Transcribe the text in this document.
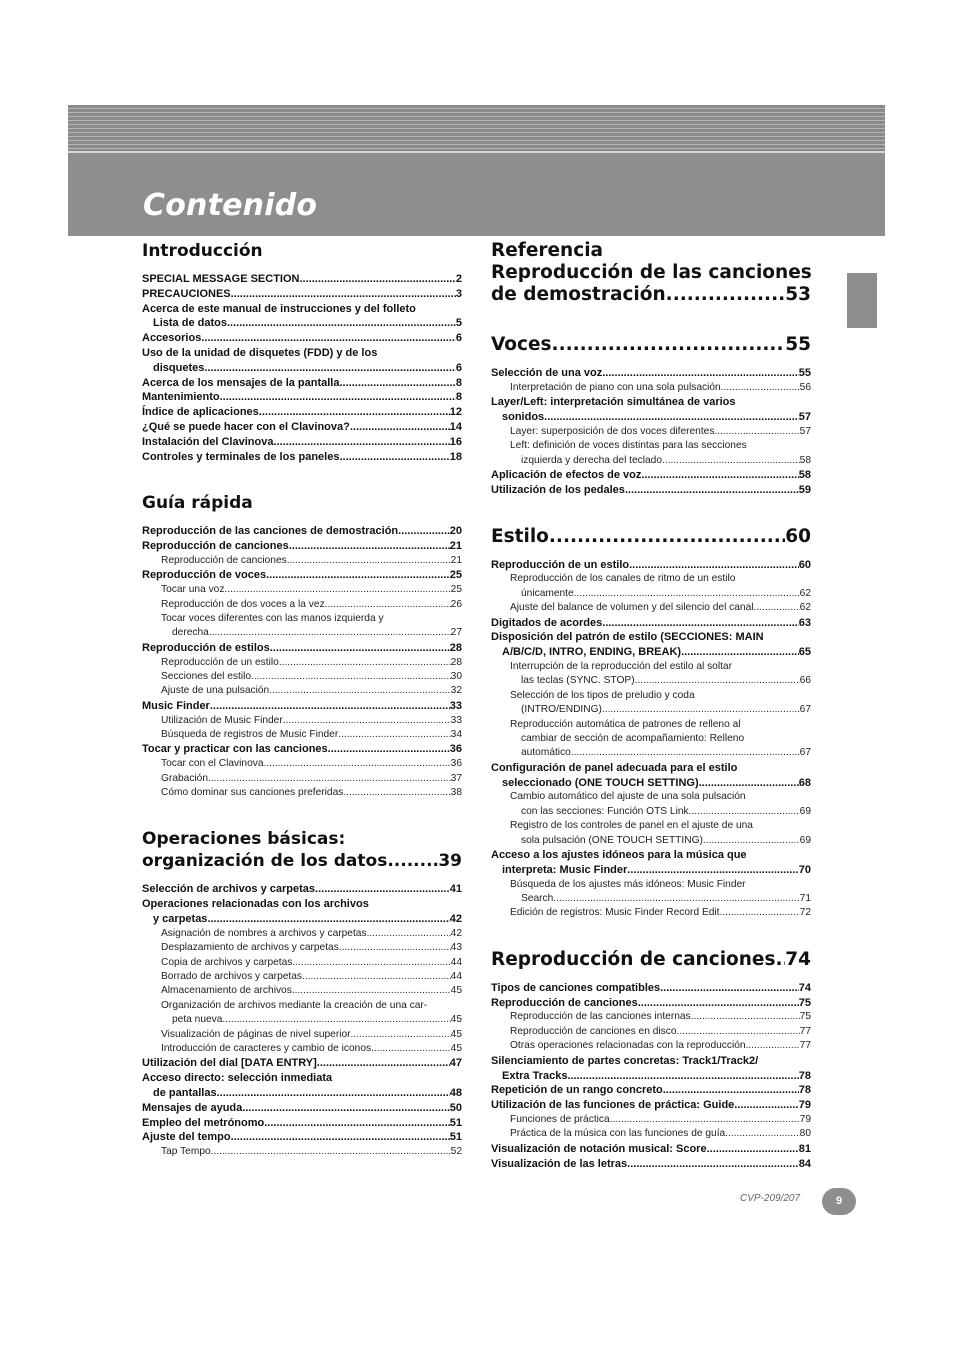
Contenido
Introducción
SPECIAL MESSAGE SECTION .....	2
PRECAUCIONES .....	3
Acerca de este manual de instrucciones y del folleto
Lista de datos .....	5
Accesorios .....	6
Uso de la unidad de disquetes (FDD) y de los
disquetes .....	6
Acerca de los mensajes de la pantalla .....	8
Mantenimiento .....	8
Índice de aplicaciones .....	12
¿Qué se puede hacer con el Clavinova? .....	14
Instalación del Clavinova .....	16
Controles y terminales de los paneles .....	18
Guía rápida
Reproducción de las canciones de demostración .....	20
Reproducción de canciones .....	21
Reproducción de canciones .....	21
Reproducción de voces .....	25
Tocar una voz .....	25
Reproducción de dos voces a la vez .....	26
Tocar voces diferentes con las manos izquierda y
derecha .....	27
Reproducción de estilos .....	28
Reproducción de un estilo .....	28
Secciones del estilo .....	30
Ajuste de una pulsación .....	32
Music Finder .....	33
Utilización de Music Finder .....	33
Búsqueda de registros de Music Finder .....	34
Tocar y practicar con las canciones .....	36
Tocar con el Clavinova .....	36
Grabación .....	37
Cómo dominar sus canciones preferidas .....	38
Operaciones básicas:
organización de los datos .....	39
Selección de archivos y carpetas .....	41
Operaciones relacionadas con los archivos
y carpetas .....	42
Asignación de nombres a archivos y carpetas .....	42
Desplazamiento de archivos y carpetas .....	43
Copia de archivos y carpetas .....	44
Borrado de archivos y carpetas .....	44
Almacenamiento de archivos .....	45
Organización de archivos mediante la creación de una car-
peta nueva .....	45
Visualización de páginas de nivel superior .....	45
Introducción de caracteres y cambio de iconos .....	45
Utilización del dial [DATA ENTRY] .....	47
Acceso directo: selección inmediata
de pantallas .....	48
Mensajes de ayuda .....	50
Empleo del metrónomo .....	51
Ajuste del tempo .....	51
Tap Tempo .....	52
Referencia
Reproducción de las canciones
de demostración .....	53
Voces .....	55
Selección de una voz .....	55
Interpretación de piano con una sola pulsación .....	56
Layer/Left: interpretación simultánea de varios
sonidos .....	57
Layer: superposición de dos voces diferentes .....	57
Left: definición de voces distintas para las secciones
izquierda y derecha del teclado .....	58
Aplicación de efectos de voz .....	58
Utilización de los pedales .....	59
Estilo .....	60
Reproducción de un estilo .....	60
Reproducción de los canales de ritmo de un estilo
únicamente .....	62
Ajuste del balance de volumen y del silencio del canal .....	62
Digitados de acordes .....	63
Disposición del patrón de estilo (SECCIONES: MAIN
A/B/C/D, INTRO, ENDING, BREAK) .....	65
Interrupción de la reproducción del estilo al soltar
las teclas (SYNC. STOP) .....	66
Selección de los tipos de preludio y coda
(INTRO/ENDING) .....	67
Reproducción automática de patrones de relleno al
cambiar de sección de acompañamiento: Relleno
automático .....	67
Configuración de panel adecuada para el estilo
seleccionado (ONE TOUCH SETTING) .....	68
Cambio automático del ajuste de una sola pulsación
con las secciones: Función OTS Link .....	69
Registro de los controles de panel en el ajuste de una
sola pulsación (ONE TOUCH SETTING) .....	69
Acceso a los ajustes idóneos para la música que
interpreta: Music Finder .....	70
Búsqueda de los ajustes más idóneos: Music Finder
Search .....	71
Edición de registros: Music Finder Record Edit .....	72
Reproducción de canciones ..... 74
Tipos de canciones compatibles .....	74
Reproducción de canciones .....	75
Reproducción de las canciones internas .....	75
Reproducción de canciones en disco .....	77
Otras operaciones relacionadas con la reproducción .....	77
Silenciamiento de partes concretas: Track1/Track2/
Extra Tracks .....	78
Repetición de un rango concreto .....	78
Utilización de las funciones de práctica: Guide .....	79
Funciones de práctica .....	79
Práctica de la música con las funciones de guía .....	80
Visualización de notación musical: Score .....	81
Visualización de las letras .....	84
CVP-209/207	9
